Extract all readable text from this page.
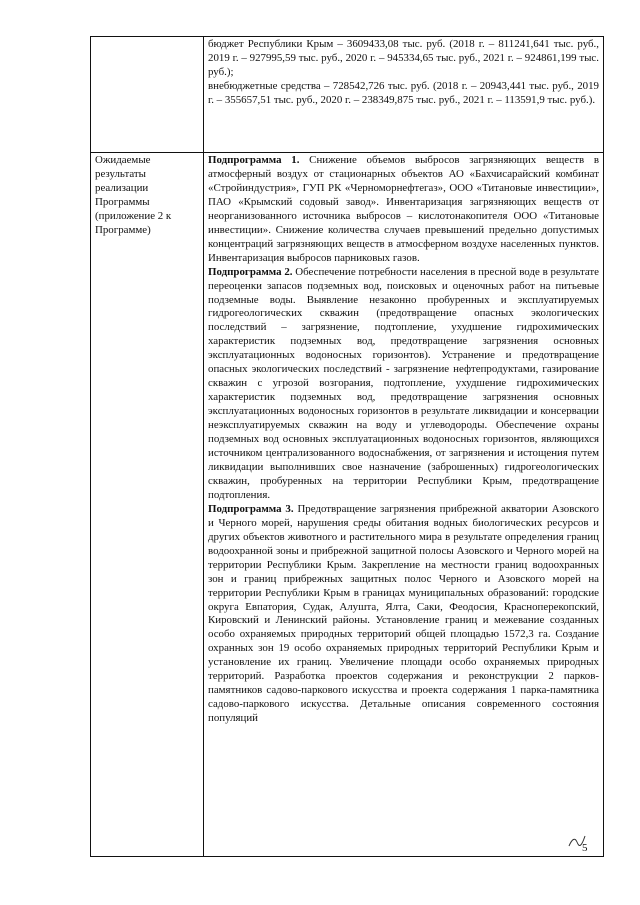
	бюджет Республики Крым – 3609433,08 тыс. руб. (2018 г. – 811241,641 тыс. руб., 2019 г. – 927995,59 тыс. руб., 2020 г. – 945334,65 тыс. руб., 2021 г. – 924861,199 тыс. руб.);

внебюджетные средства – 728542,726 тыс. руб. (2018 г. – 20943,441 тыс. руб., 2019 г. – 355657,51 тыс. руб., 2020 г. – 238349,875 тыс. руб., 2021 г. – 113591,9 тыс. руб.).

Ожидаемые результаты реализации Программы (приложение 2 к Программе)	Подпрограмма 1. Снижение объемов выбросов загрязняющих веществ в атмосферный воздух от стационарных объектов АО «Бахчисарайский комбинат «Стройиндустрия», ГУП РК «Черноморнефтегаз», ООО «Титановые инвестиции», ПАО «Крымский содовый завод». Инвентаризация загрязняющих веществ от неорганизованного источника выбросов – кислотонакопителя ООО «Титановые инвестиции». Снижение количества случаев превышений предельно допустимых концентраций загрязняющих веществ в атмосферном воздухе населенных пунктов. Инвентаризация выбросов парниковых газов.

Подпрограмма 2. Обеспечение потребности населения в пресной воде в результате переоценки запасов подземных вод, поисковых и оценочных работ на питьевые подземные воды. Выявление незаконно пробуренных и эксплуатируемых гидрогеологических скважин (предотвращение опасных экологических последствий – загрязнение, подтопление, ухудшение гидрохимических характеристик подземных вод, предотвращение загрязнения основных эксплуатационных водоносных горизонтов). Устранение и предотвращение опасных экологических последствий - загрязнение нефтепродуктами, газирование скважин с угрозой возгорания, подтопление, ухудшение гидрохимических характеристик подземных вод, предотвращение загрязнения основных эксплуатационных водоносных горизонтов в результате ликвидации и консервации неэксплуатируемых скважин на воду и углеводороды. Обеспечение охраны подземных вод основных эксплуатационных водоносных горизонтов, являющихся источником централизованного водоснабжения, от загрязнения и истощения путем ликвидации выполнивших свое назначение (заброшенных) гидрогеологических скважин, пробуренных на территории Республики Крым, предотвращение подтопления.

Подпрограмма 3. Предотвращение загрязнения прибрежной акватории Азовского и Черного морей, нарушения среды обитания водных биологических ресурсов и других объектов животного и растительного мира в результате определения границ водоохранной зоны и прибрежной защитной полосы Азовского и Черного морей на территории Республики Крым. Закрепление на местности границ водоохранных зон и границ прибрежных защитных полос Черного и Азовского морей на территории Республики Крым в границах муниципальных образований: городские округа Евпатория, Судак, Алушта, Ялта, Саки, Феодосия, Красноперекопский, Кировский и Ленинский районы. Установление границ и межевание созданных особо охраняемых природных территорий общей площадью 1572,3 га. Создание охранных зон 19 особо охраняемых природных территорий Республики Крым и установление их границ. Увеличение площади особо охраняемых природных территорий. Разработка проектов содержания и реконструкции 2 парков-памятников садово-паркового искусства и проекта содержания 1 парка-памятника садово-паркового искусства. Детальные описания современного состояния популяций

5
